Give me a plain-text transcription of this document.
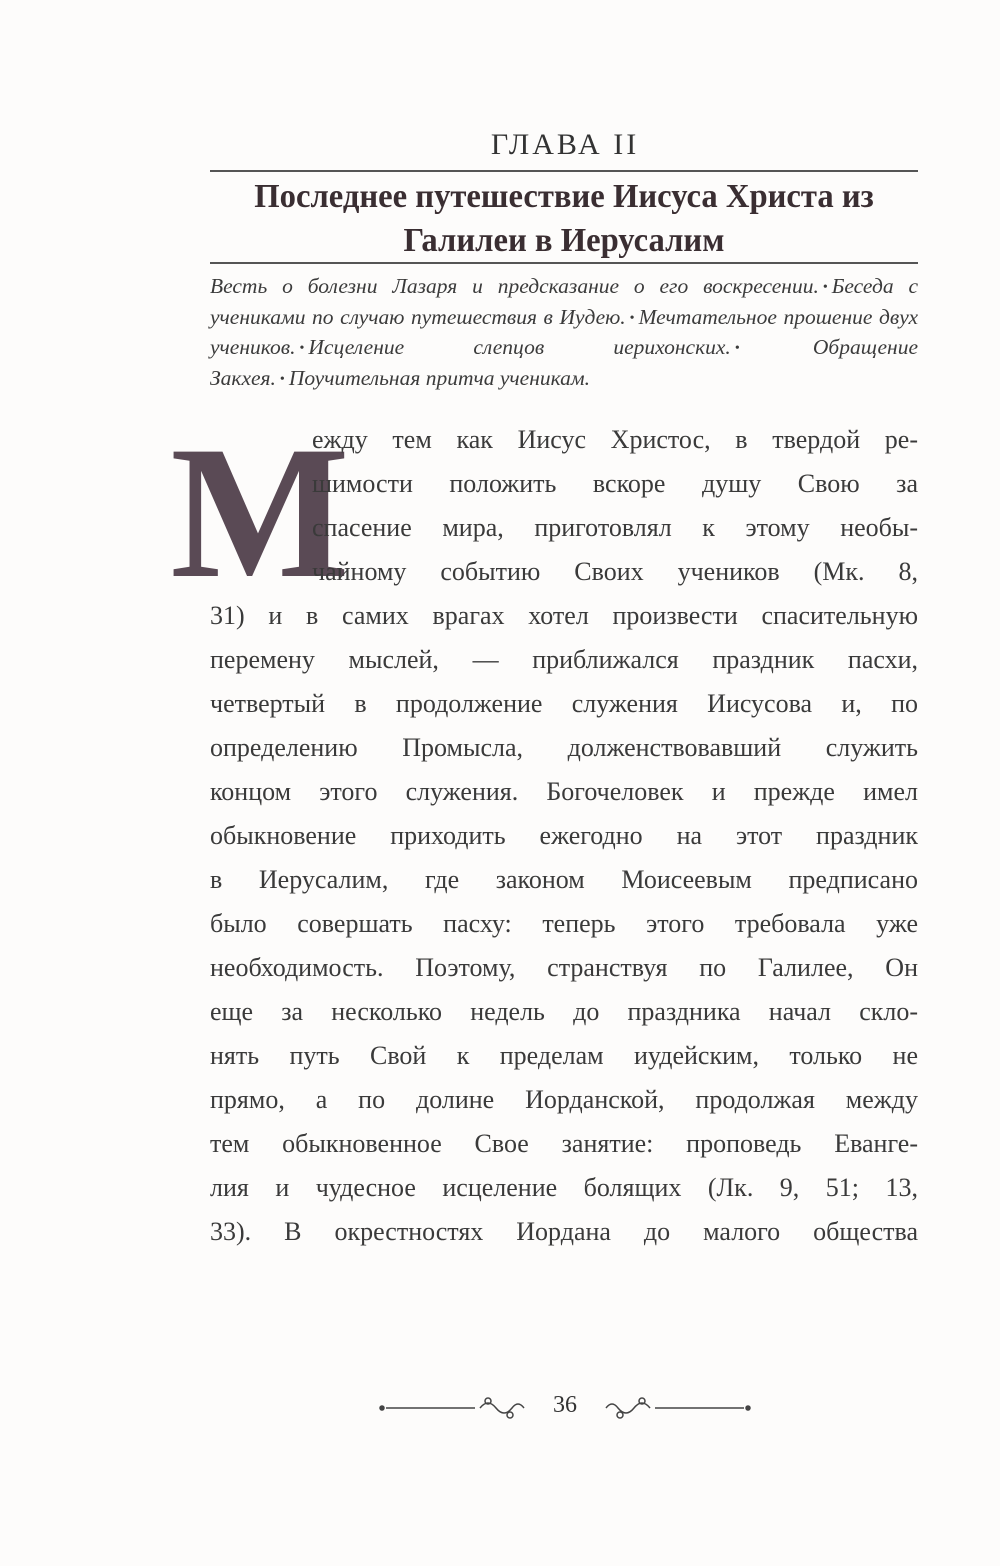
ГЛАВА II
Последнее путешествие Иисуса Христа из Галилеи в Иерусалим
Весть о болезни Лазаря и предсказание о его воскресении. • Беседа с учениками по случаю путешествия в Иудею. • Мечтательное прошение двух учеников. • Исцеление слепцов иерихонских. •	Обращение Закхея. • Поучительная притча ученикам.
М
ежду тем как Иисус Христос, в твердой ре-
шимости положить вскоре душу Свою за
спасение мира, приготовлял к этому необы-
чайному событию Своих учеников (Мк. 8,
31) и в самих врагах хотел произвести спасительную
перемену мыслей, — приближался праздник пасхи,
четвертый в продолжение служения Иисусова и, по
определению Промысла, долженствовавший служить
концом этого служения. Богочеловек и прежде имел
обыкновение приходить ежегодно на этот праздник
в Иерусалим, где законом Моисеевым предписано
было совершать пасху: теперь этого требовала уже
необходимость. Поэтому, странствуя по Галилее, Он
еще за несколько недель до праздника начал скло-
нять путь Свой к пределам иудейским, только не
прямо, а по долине Иорданской, продолжая между
тем обыкновенное Свое занятие: проповедь Еванге-
лия и чудесное исцеление болящих (Лк. 9, 51; 13,
33). В окрестностях Иордана до малого общества
36
